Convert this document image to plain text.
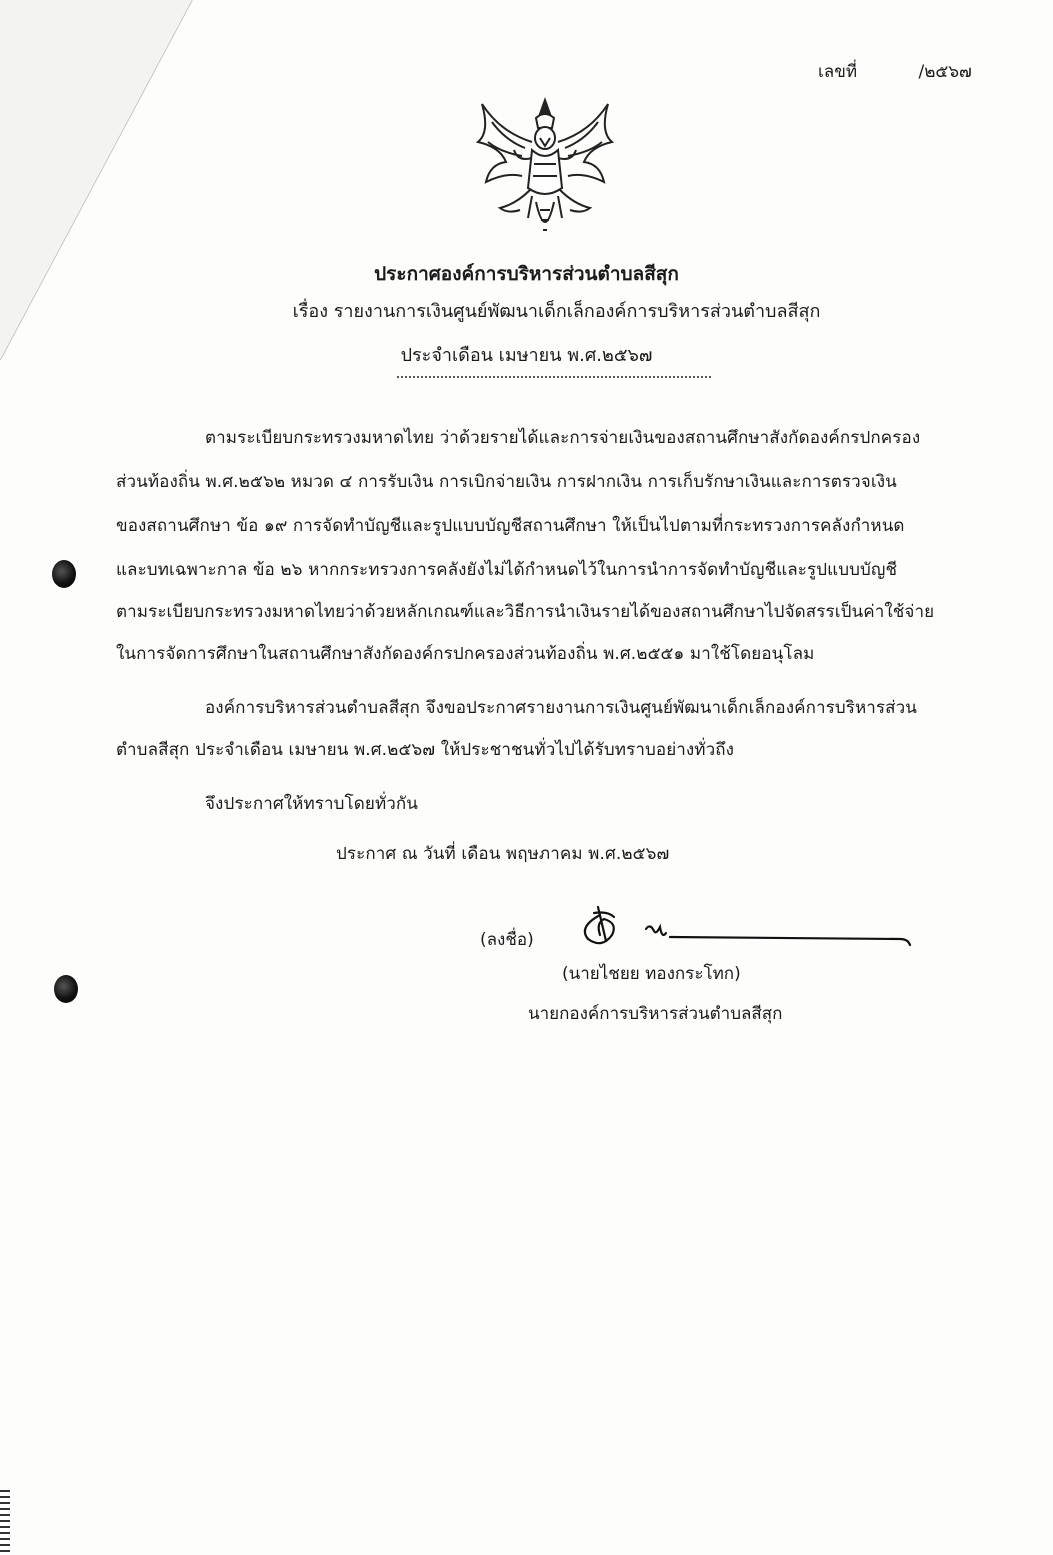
เลขที่	/๒๕๖๗
ประกาศองค์การบริหารส่วนตำบลสีสุก
เรื่อง รายงานการเงินศูนย์พัฒนาเด็กเล็กองค์การบริหารส่วนตำบลสีสุก
ประจำเดือน เมษายน พ.ศ.๒๕๖๗
ตามระเบียบกระทรวงมหาดไทย ว่าด้วยรายได้และการจ่ายเงินของสถานศึกษาสังกัดองค์กรปกครอง
ส่วนท้องถิ่น พ.ศ.๒๕๖๒ หมวด ๔ การรับเงิน การเบิกจ่ายเงิน การฝากเงิน การเก็บรักษาเงินและการตรวจเงิน
ของสถานศึกษา ข้อ ๑๙ การจัดทำบัญชีและรูปแบบบัญชีสถานศึกษา ให้เป็นไปตามที่กระทรวงการคลังกำหนด
และบทเฉพาะกาล ข้อ ๒๖ หากกระทรวงการคลังยังไม่ได้กำหนดไว้ในการนำการจัดทำบัญชีและรูปแบบบัญชี
ตามระเบียบกระทรวงมหาดไทยว่าด้วยหลักเกณฑ์และวิธีการนำเงินรายได้ของสถานศึกษาไปจัดสรรเป็นค่าใช้จ่าย
ในการจัดการศึกษาในสถานศึกษาสังกัดองค์กรปกครองส่วนท้องถิ่น พ.ศ.๒๕๕๑ มาใช้โดยอนุโลม
องค์การบริหารส่วนตำบลสีสุก จึงขอประกาศรายงานการเงินศูนย์พัฒนาเด็กเล็กองค์การบริหารส่วน
ตำบลสีสุก ประจำเดือน เมษายน พ.ศ.๒๕๖๗ ให้ประชาชนทั่วไปได้รับทราบอย่างทั่วถึง
จึงประกาศให้ทราบโดยทั่วกัน
ประกาศ ณ วันที่ เดือน พฤษภาคม พ.ศ.๒๕๖๗
(ลงชื่อ)
(นายไชยย ทองกระโทก)
นายกองค์การบริหารส่วนตำบลสีสุก
